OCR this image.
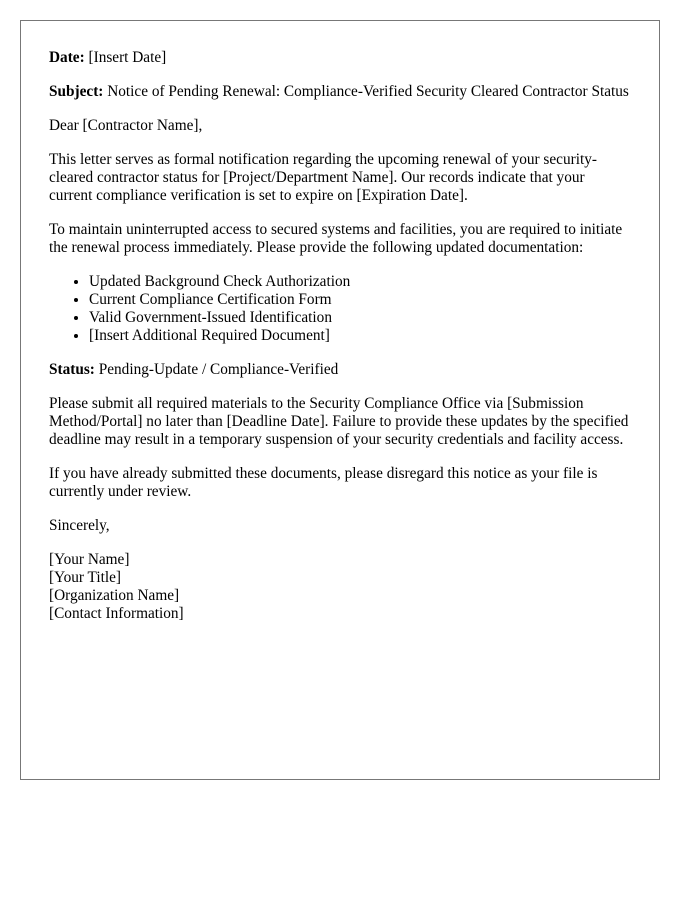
Date: [Insert Date]

Subject: Notice of Pending Renewal: Compliance-Verified Security Cleared Contractor Status

Dear [Contractor Name],

This letter serves as formal notification regarding the upcoming renewal of your security-cleared contractor status for [Project/Department Name]. Our records indicate that your current compliance verification is set to expire on [Expiration Date].

To maintain uninterrupted access to secured systems and facilities, you are required to initiate the renewal process immediately. Please provide the following updated documentation:

• Updated Background Check Authorization
• Current Compliance Certification Form
• Valid Government-Issued Identification
• [Insert Additional Required Document]

Status: Pending-Update / Compliance-Verified

Please submit all required materials to the Security Compliance Office via [Submission Method/Portal] no later than [Deadline Date]. Failure to provide these updates by the specified deadline may result in a temporary suspension of your security credentials and facility access.

If you have already submitted these documents, please disregard this notice as your file is currently under review.

Sincerely,

[Your Name]
[Your Title]
[Organization Name]
[Contact Information]
